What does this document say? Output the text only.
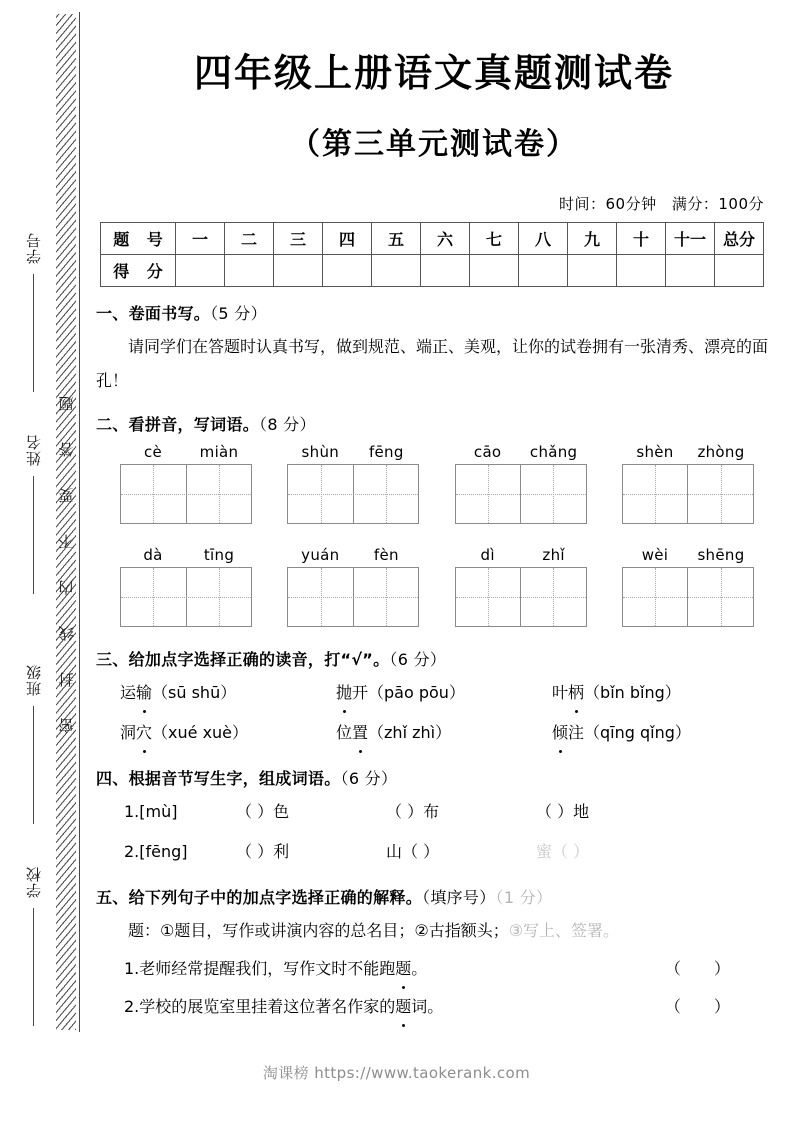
题
答
要
不
内
线
封
密
学号
姓名
班级
学校
四年级上册语文真题测试卷
（第三单元测试卷）
时间：60分钟 满分：100分
题 号	一	二	三	四	五	六	七	八	九	十	十一	总分
得 分												
一、卷面书写。（5 分）

请同学们在答题时认真书写，做到规范、端正、美观，让你的试卷拥有一张清秀、漂亮的面孔！

二、看拼音，写词语。（8 分）
cè	miàn	shùn	fēng	cāo	chǎng	shèn	zhòng
dà	tīng	yuán	fèn	dì	zhǐ	wèi	shēng
三、给加点字选择正确的读音，打“√”。（6 分）
运输（sū shū）	抛开（pāo pōu）	叶柄（bǐn bǐng）
洞穴（xué xuè）	位置（zhǐ zhì）	倾注（qīng qǐng）
四、根据音节写生字，组成词语。（6 分）
1.[mù]	（ ）色	（ ）布	（ ）地
2.[fēng]	（ ）利	山（ ）	蜜（ ）
五、给下列句子中的加点字选择正确的解释。（填序号）（1 分）

题：①题目，写作或讲演内容的总名目；②古指额头；③写上、签署。

1.老师经常提醒我们，写作文时不能跑题。	（ ）
2.学校的展览室里挂着这位著名作家的题词。	（ ）
淘课榜 https://www.taokerank.com
